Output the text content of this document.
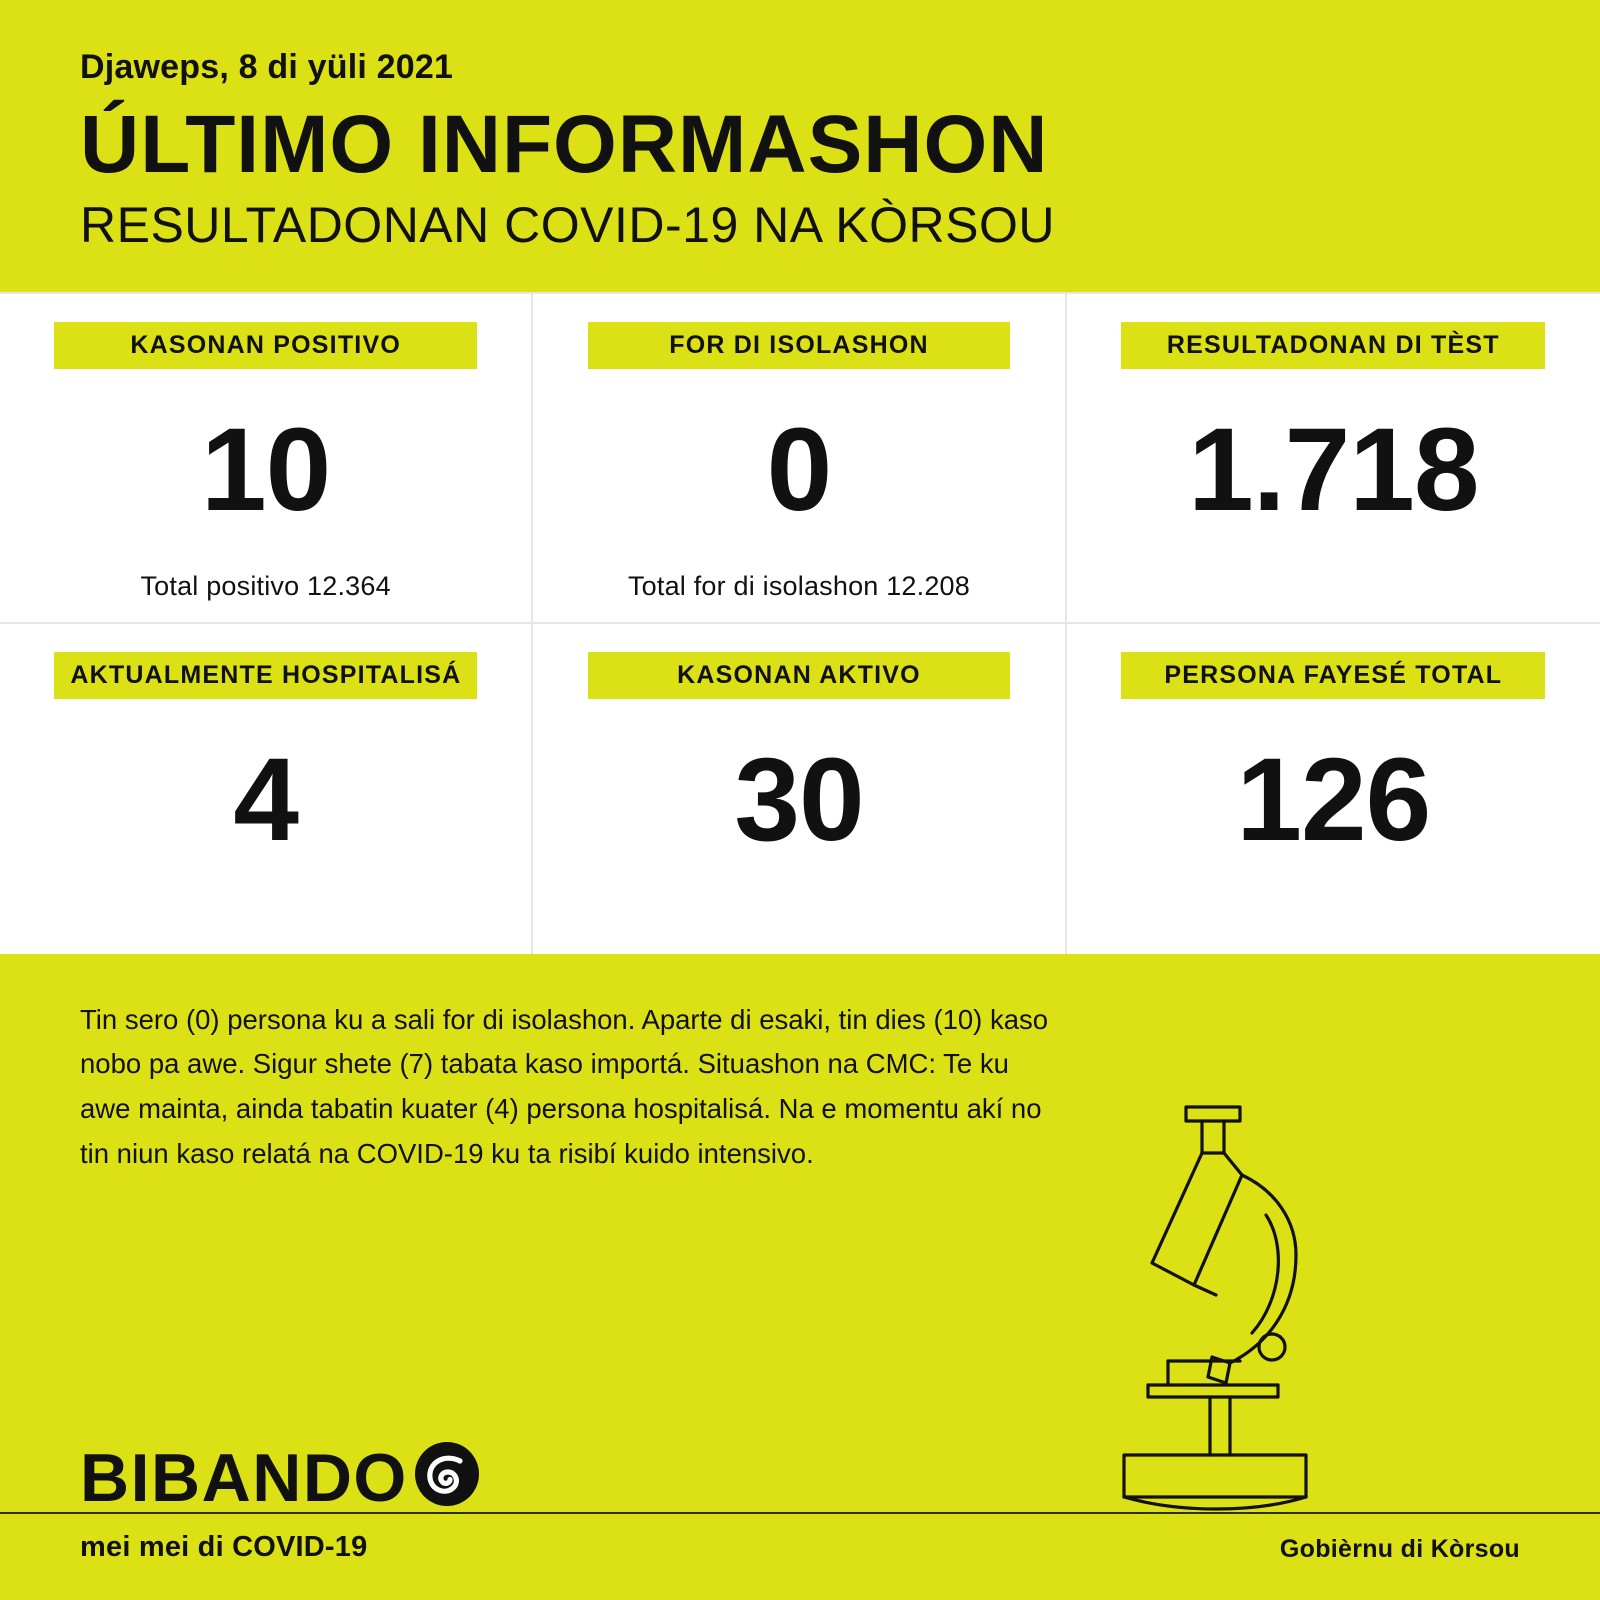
Djaweps, 8 di yüli 2021
ÚLTIMO INFORMASHON
RESULTADONAN COVID-19 NA KÒRSOU
KASONAN POSITIVO
10
Total positivo 12.364
FOR DI ISOLASHON
0
Total for di isolashon 12.208
RESULTADONAN DI TÈST
1.718
AKTUALMENTE HOSPITALISÁ
4
KASONAN AKTIVO
30
PERSONA FAYESÉ TOTAL
126
Tin sero (0) persona ku a sali for di isolashon. Aparte di esaki, tin dies (10) kaso nobo pa awe. Sigur shete (7) tabata kaso importá. Situashon na CMC: Te ku awe mainta, ainda tabatin kuater (4) persona hospitalisá. Na e momentu akí no tin niun kaso relatá na COVID-19 ku ta risibí kuido intensivo.
BIBANDO
mei mei di COVID-19	Gobièrnu di Kòrsou
